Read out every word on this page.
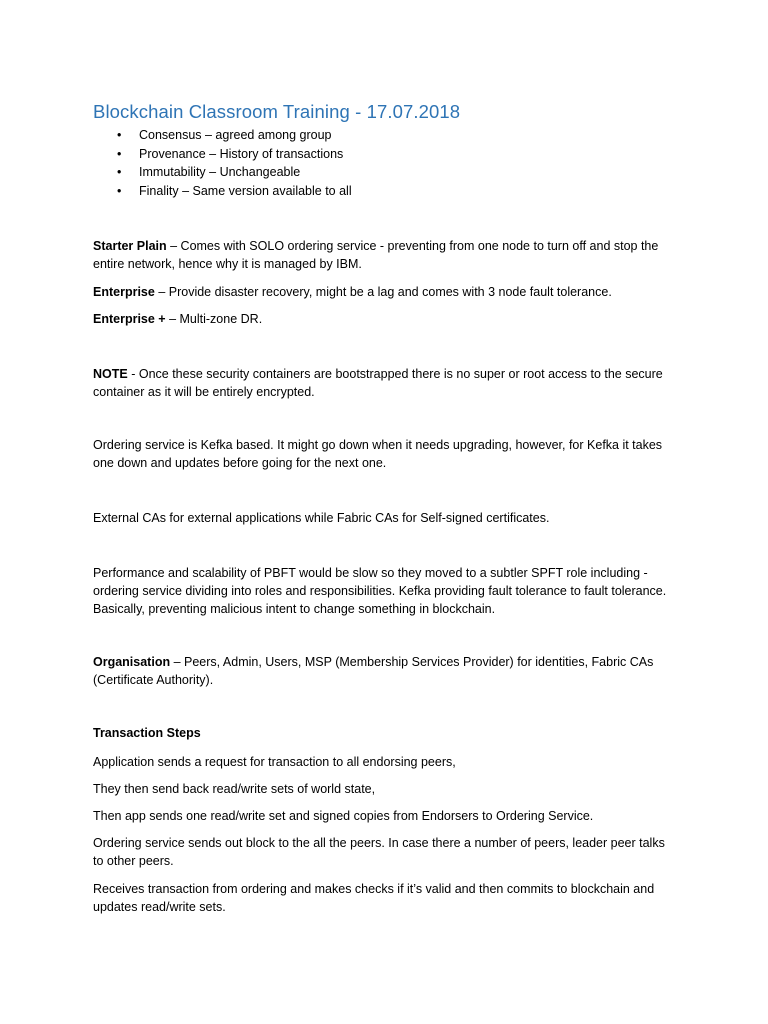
Blockchain Classroom Training - 17.07.2018
• Consensus – agreed among group
• Provenance – History of transactions
• Immutability – Unchangeable
• Finality – Same version available to all

Starter Plain – Comes with SOLO ordering service - preventing from one node to turn off and stop the entire network, hence why it is managed by IBM.

Enterprise – Provide disaster recovery, might be a lag and comes with 3 node fault tolerance.

Enterprise + – Multi-zone DR.

NOTE - Once these security containers are bootstrapped there is no super or root access to the secure container as it will be entirely encrypted.

Ordering service is Kefka based. It might go down when it needs upgrading, however, for Kefka it takes one down and updates before going for the next one.

External CAs for external applications while Fabric CAs for Self-signed certificates.

Performance and scalability of PBFT would be slow so they moved to a subtler SPFT role including - ordering service dividing into roles and responsibilities. Kefka providing fault tolerance to fault tolerance. Basically, preventing malicious intent to change something in blockchain.

Organisation – Peers, Admin, Users, MSP (Membership Services Provider) for identities, Fabric CAs (Certificate Authority).

Transaction Steps

Application sends a request for transaction to all endorsing peers,

They then send back read/write sets of world state,

Then app sends one read/write set and signed copies from Endorsers to Ordering Service.

Ordering service sends out block to the all the peers. In case there a number of peers, leader peer talks to other peers.

Receives transaction from ordering and makes checks if it’s valid and then commits to blockchain and updates read/write sets.
